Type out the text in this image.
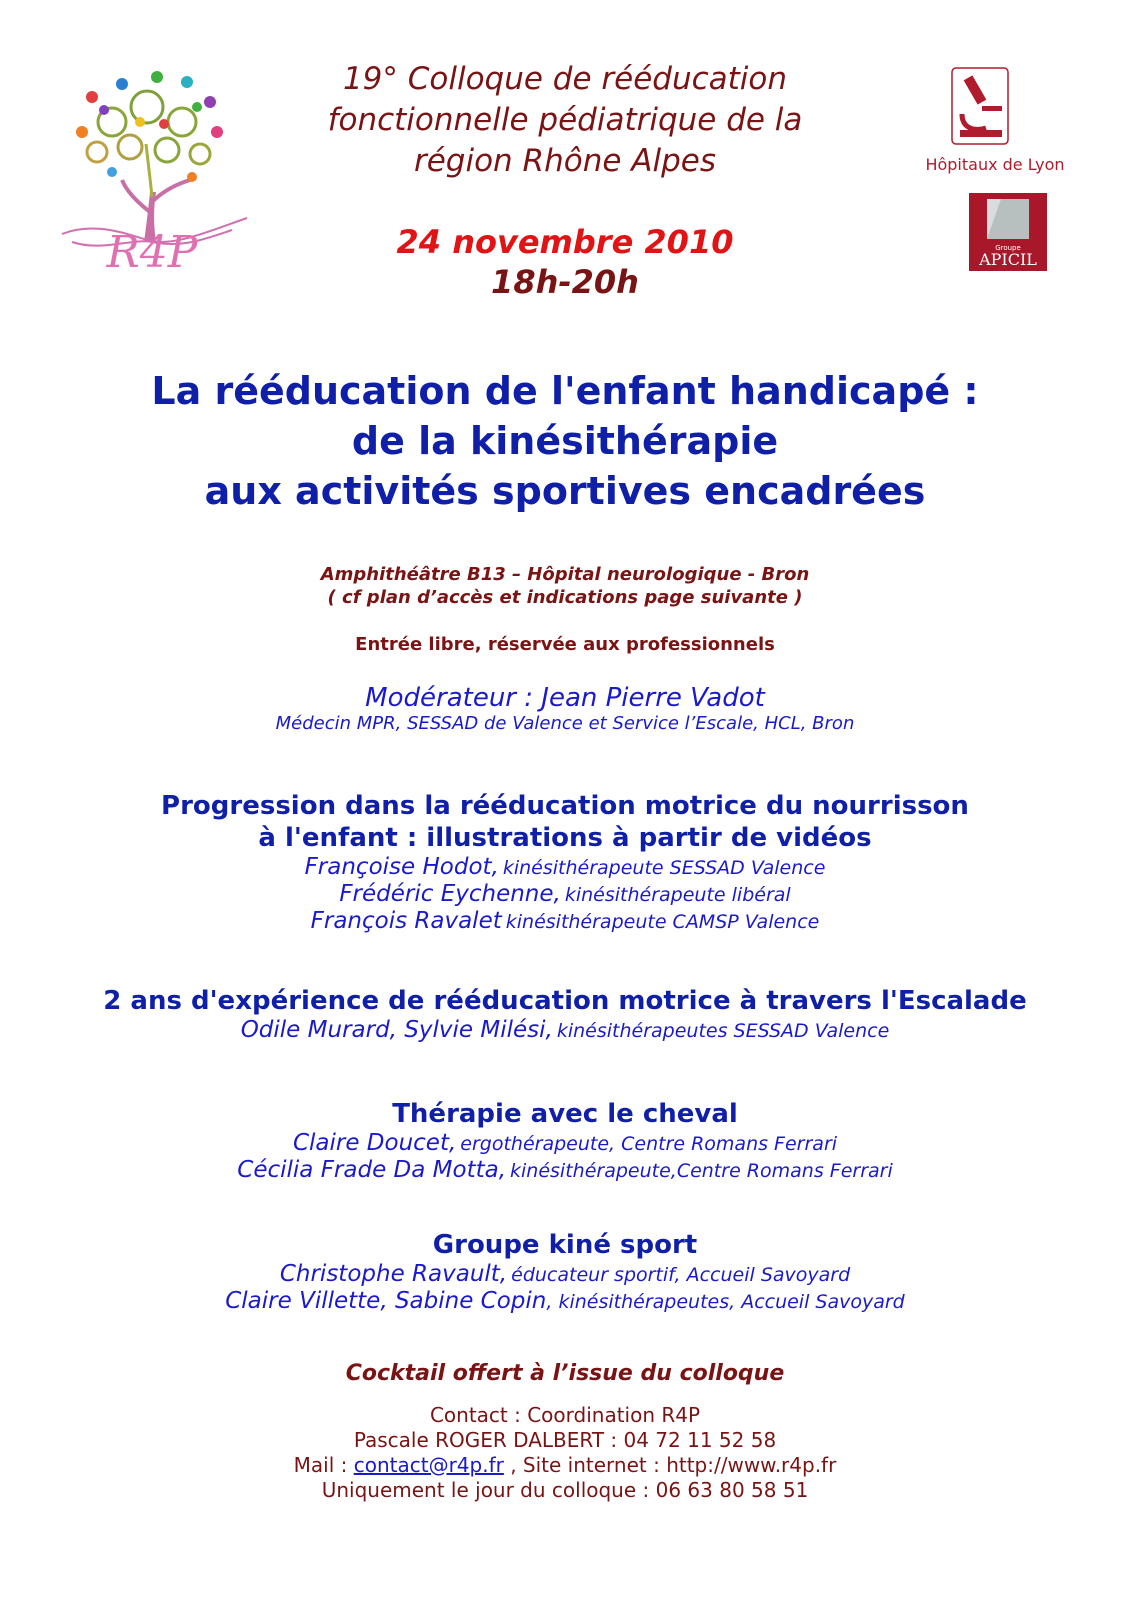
R4P
Hôpitaux de Lyon
Groupe
APICIL
19° Colloque de rééducation
fonctionnelle pédiatrique de la
région Rhône Alpes
24 novembre 2010
18h-20h
La rééducation de l'enfant handicapé :
de la kinésithérapie
aux activités sportives encadrées
Amphithéâtre B13 – Hôpital neurologique - Bron
( cf plan d’accès et indications page suivante )
Entrée libre, réservée aux professionnels
Modérateur : Jean Pierre Vadot
Médecin MPR, SESSAD de Valence et Service l’Escale, HCL, Bron
Progression dans la rééducation motrice du nourrisson
à l'enfant : illustrations à partir de vidéos
Françoise Hodot, kinésithérapeute SESSAD Valence
Frédéric Eychenne, kinésithérapeute libéral
François Ravalet kinésithérapeute CAMSP Valence
2 ans d'expérience de rééducation motrice à travers l'Escalade
Odile Murard, Sylvie Milési, kinésithérapeutes SESSAD Valence
Thérapie avec le cheval
Claire Doucet, ergothérapeute, Centre Romans Ferrari
Cécilia Frade Da Motta, kinésithérapeute,Centre Romans Ferrari
Groupe kiné sport
Christophe Ravault, éducateur sportif, Accueil Savoyard
Claire Villette, Sabine Copin, kinésithérapeutes, Accueil Savoyard
Cocktail offert à l’issue du colloque
Contact : Coordination R4P
Pascale ROGER DALBERT : 04 72 11 52 58
Mail : contact@r4p.fr , Site internet : http://www.r4p.fr
Uniquement le jour du colloque : 06 63 80 58 51
